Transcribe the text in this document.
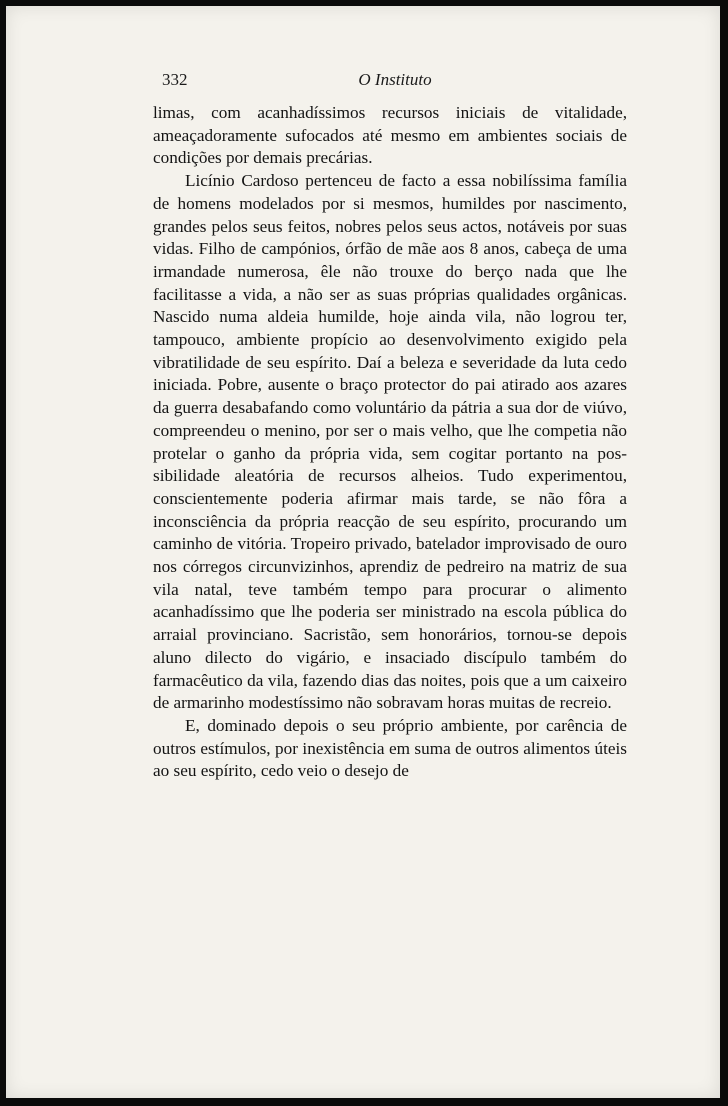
332	O Instituto

limas, com acanhadíssimos recursos iniciais de vitalidade, ameaçadoramente sufocados até mesmo em ambientes sociais de condições por demais precárias.

Licínio Cardoso pertenceu de facto a essa nobilíssima família de homens modelados por si mesmos, humildes por nascimento, grandes pelos seus feitos, nobres pelos seus actos, notáveis por suas vidas. Filho de campónios, órfão de mãe aos 8 anos, cabeça de uma irmandade numerosa, êle não trouxe do berço nada que lhe facilitasse a vida, a não ser as suas próprias qualidades orgânicas. Nascido numa aldeia humilde, hoje ainda vila, não logrou ter, tampouco, ambiente propício ao desenvolvimento exigido pela vibratilidade de seu espírito. Daí a beleza e severidade da luta cedo iniciada. Pobre, ausente o braço protector do pai atirado aos azares da guerra desabafando como voluntário da pátria a sua dor de viúvo, compreendeu o menino, por ser o mais velho, que lhe competia não protelar o ganho da própria vida, sem cogitar portanto na possibilidade aleatória de recursos alheios. Tudo experimentou, conscientemente poderia afirmar mais tarde, se não fôra a inconsciência da própria reacção de seu espírito, procurando um caminho de vitória. Tropeiro privado, batelador improvisado de ouro nos córregos circunvizinhos, aprendiz de pedreiro na matriz de sua vila natal, teve também tempo para procurar o alimento acanhadíssimo que lhe poderia ser ministrado na escola pública do arraial provinciano. Sacristão, sem honorários, tornou-se depois aluno dilecto do vigário, e insaciado discípulo também do farmacêutico da vila, fazendo dias das noites, pois que a um caixeiro de armarinho modestíssimo não sobravam horas muitas de recreio.

E, dominado depois o seu próprio ambiente, por carência de outros estímulos, por inexistência em suma de outros alimentos úteis ao seu espírito, cedo veio o desejo de
